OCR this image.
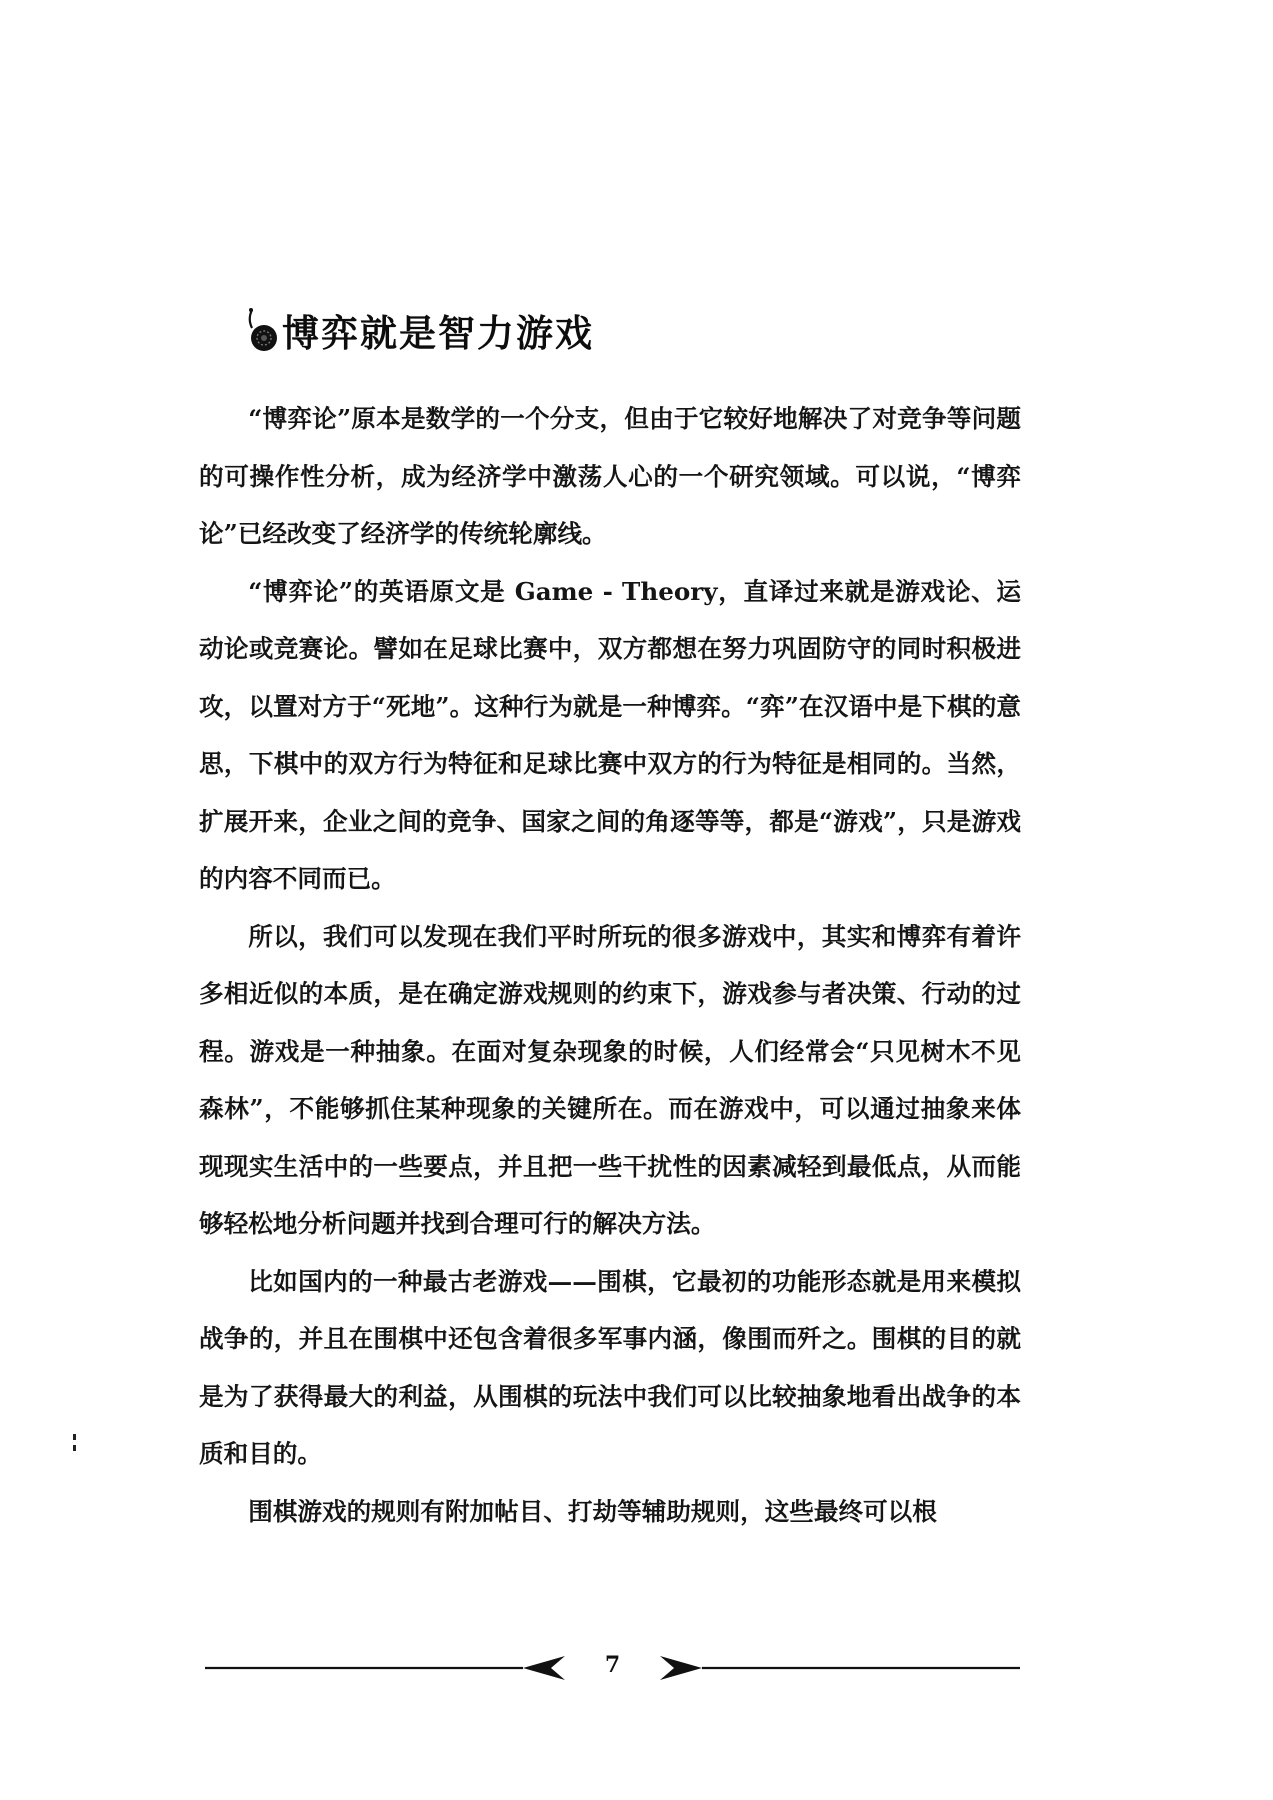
博弈就是智力游戏

“博弈论”原本是数学的一个分支，但由于它较好地解决了对竞争等问题的可操作性分析，成为经济学中激荡人心的一个研究领域。可以说，“博弈论”已经改变了经济学的传统轮廓线。

“博弈论”的英语原文是 Game - Theory，直译过来就是游戏论、运动论或竞赛论。譬如在足球比赛中，双方都想在努力巩固防守的同时积极进攻，以置对方于“死地”。这种行为就是一种博弈。“弈”在汉语中是下棋的意思，下棋中的双方行为特征和足球比赛中双方的行为特征是相同的。当然，扩展开来，企业之间的竞争、国家之间的角逐等等，都是“游戏”，只是游戏的内容不同而已。

所以，我们可以发现在我们平时所玩的很多游戏中，其实和博弈有着许多相近似的本质，是在确定游戏规则的约束下，游戏参与者决策、行动的过程。游戏是一种抽象。在面对复杂现象的时候，人们经常会“只见树木不见森林”，不能够抓住某种现象的关键所在。而在游戏中，可以通过抽象来体现现实生活中的一些要点，并且把一些干扰性的因素减轻到最低点，从而能够轻松地分析问题并找到合理可行的解决方法。

比如国内的一种最古老游戏——围棋，它最初的功能形态就是用来模拟战争的，并且在围棋中还包含着很多军事内涵，像围而歼之。围棋的目的就是为了获得最大的利益，从围棋的玩法中我们可以比较抽象地看出战争的本质和目的。

围棋游戏的规则有附加帖目、打劫等辅助规则，这些最终可以根

7
